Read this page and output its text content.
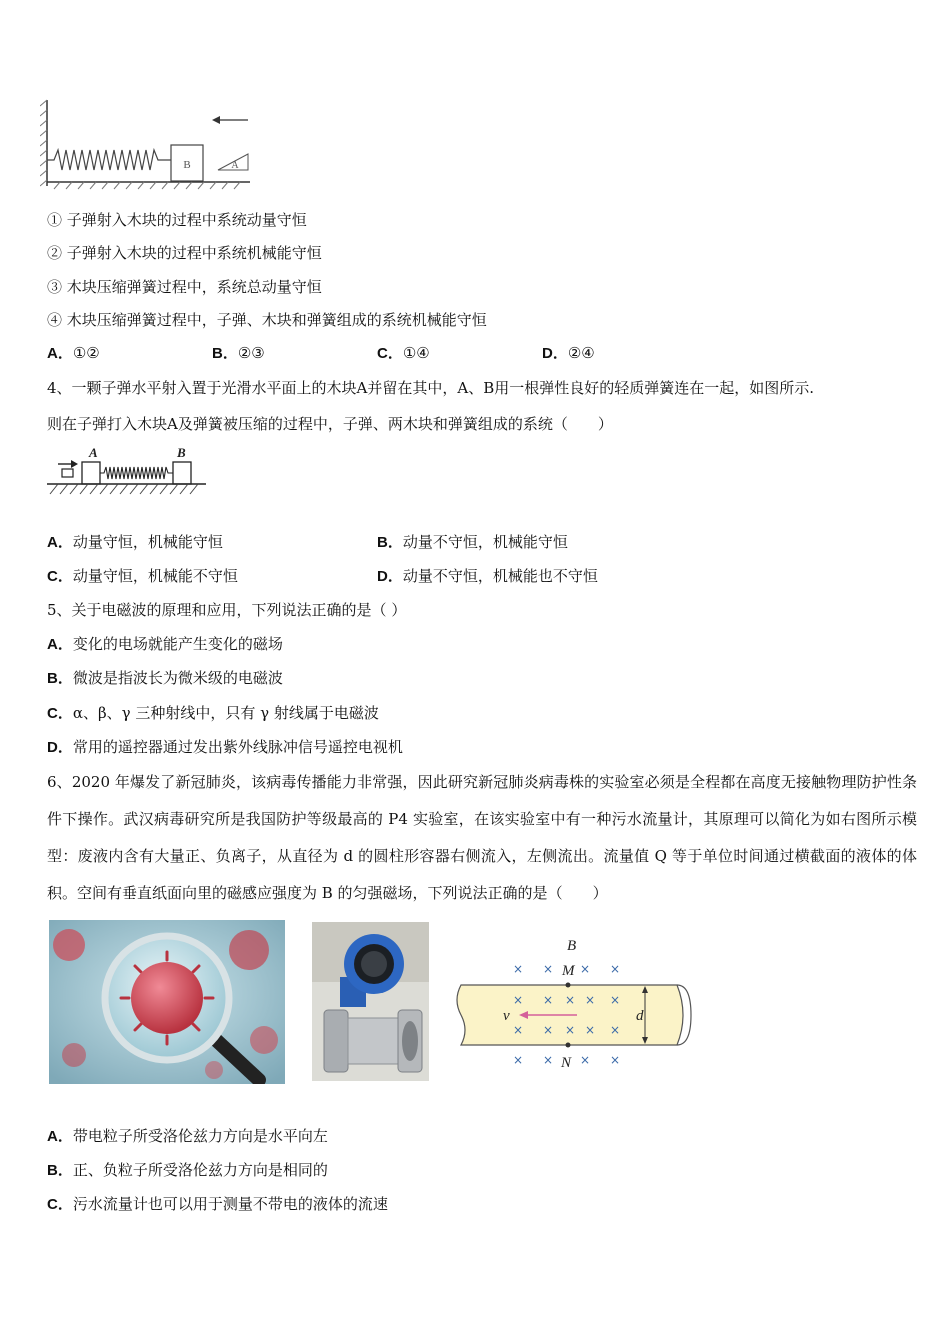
B	A
① 子弹射入木块的过程中系统动量守恒
② 子弹射入木块的过程中系统机械能守恒
③ 木块压缩弹簧过程中，系统总动量守恒
④ 木块压缩弹簧过程中，子弹、木块和弹簧组成的系统机械能守恒
A．①②	B．②③	C．①④	D．②④
4、一颗子弹水平射入置于光滑水平面上的木块A并留在其中，A、B用一根弹性良好的轻质弹簧连在一起，如图所示.
则在子弹打入木块A及弹簧被压缩的过程中，子弹、两木块和弹簧组成的系统（　　）
A	B
A．动量守恒，机械能守恒	B．动量不守恒，机械能守恒
C．动量守恒，机械能不守恒	D．动量不守恒，机械能也不守恒
5、关于电磁波的原理和应用，下列说法正确的是（ ）
A．变化的电场就能产生变化的磁场
B．微波是指波长为微米级的电磁波
C．α、β、γ 三种射线中，只有 γ 射线属于电磁波
D．常用的遥控器通过发出紫外线脉冲信号遥控电视机
6、2020 年爆发了新冠肺炎，该病毒传播能力非常强，因此研究新冠肺炎病毒株的实验室必须是全程都在高度无接触物理防护性条件下操作。武汉病毒研究所是我国防护等级最高的 P4 实验室，在该实验室中有一种污水流量计，其原理可以简化为如右图所示模型：废液内含有大量正、负离子，从直径为 d 的圆柱形容器右侧流入，左侧流出。流量值 Q 等于单位时间通过横截面的液体的体积。空间有垂直纸面向里的磁感应强度为 B 的匀强磁场，下列说法正确的是（　　）
B
× × × ×
× × × × ×
× × × × ×
× × × ×
M
N
v	d
A．带电粒子所受洛伦兹力方向是水平向左
B．正、负粒子所受洛伦兹力方向是相同的
C．污水流量计也可以用于测量不带电的液体的流速
